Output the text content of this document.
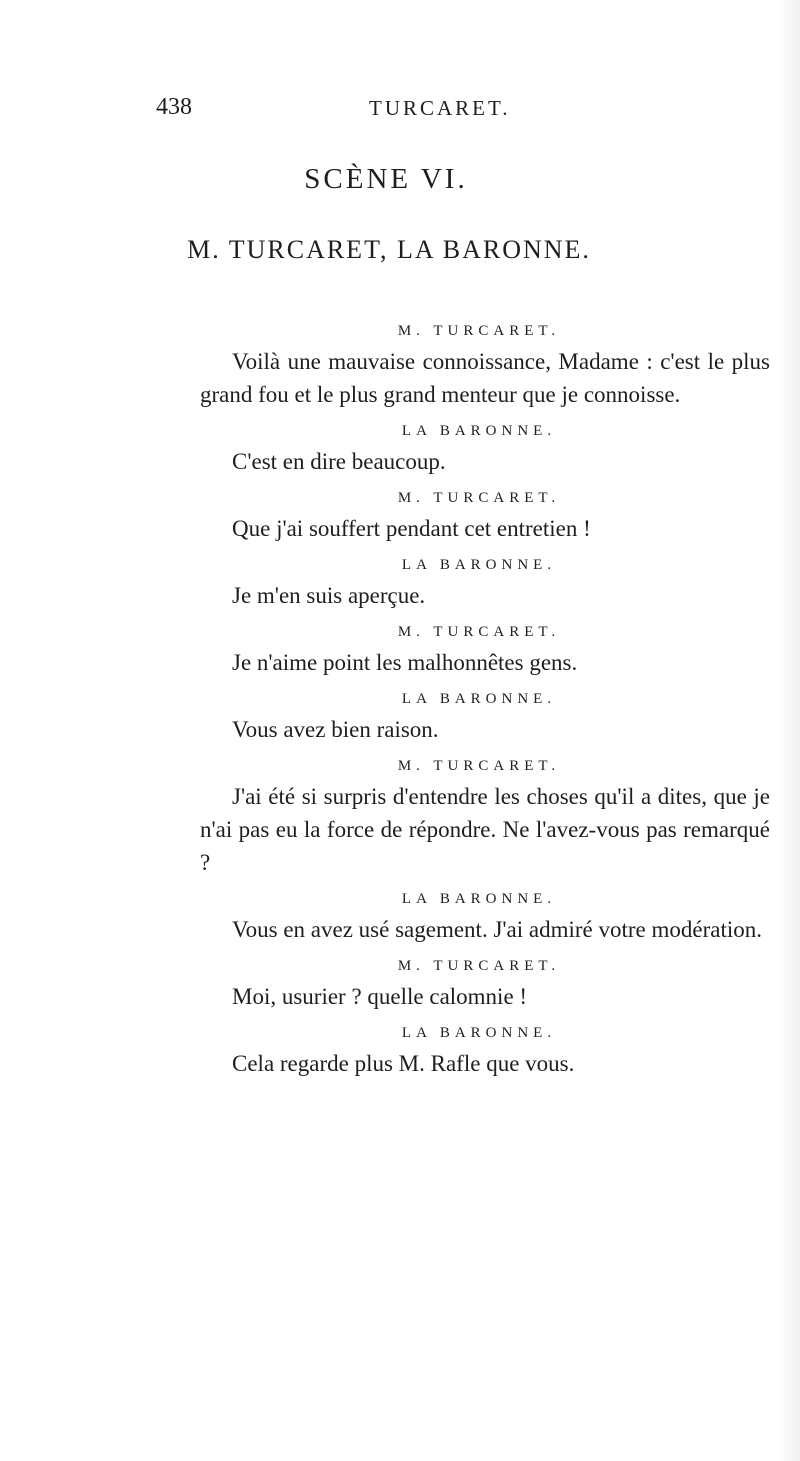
438	TURCARET.
SCÈNE VI.
M. TURCARET, LA BARONNE.
M. TURCARET.

Voilà une mauvaise connoissance, Madame : c'est le plus grand fou et le plus grand menteur que je connoisse.

LA BARONNE.

C'est en dire beaucoup.

M. TURCARET.

Que j'ai souffert pendant cet entretien !

LA BARONNE.

Je m'en suis aperçue.

M. TURCARET.

Je n'aime point les malhonnêtes gens.

LA BARONNE.

Vous avez bien raison.

M. TURCARET.

J'ai été si surpris d'entendre les choses qu'il a dites, que je n'ai pas eu la force de répondre. Ne l'avez-vous pas remarqué ?

LA BARONNE.

Vous en avez usé sagement. J'ai admiré votre modération.

M. TURCARET.

Moi, usurier ? quelle calomnie !

LA BARONNE.

Cela regarde plus M. Rafle que vous.
